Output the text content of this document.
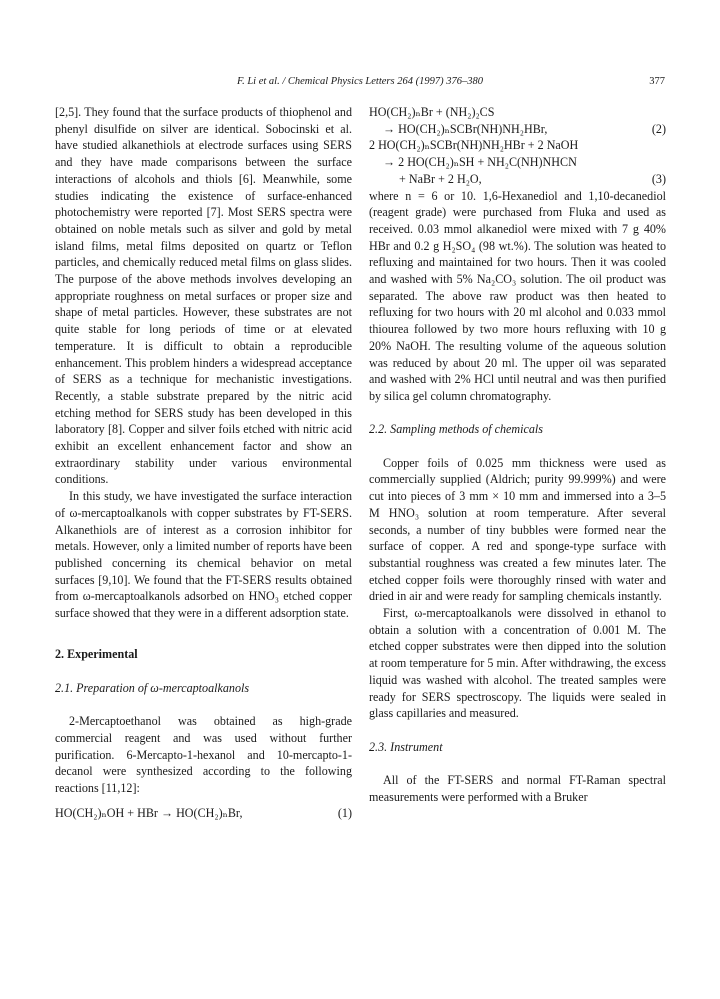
F. Li et al. / Chemical Physics Letters 264 (1997) 376–380	377

[2,5]. They found that the surface products of thiophenol and phenyl disulfide on silver are identical. Sobocinski et al. have studied alkanethiols at electrode surfaces using SERS and they have made comparisons between the surface interactions of alcohols and thiols [6]. Meanwhile, some studies indicating the existence of surface-enhanced photochemistry were reported [7]. Most SERS spectra were obtained on noble metals such as silver and gold by metal island films, metal films deposited on quartz or Teflon particles, and chemically reduced metal films on glass slides. The purpose of the above methods involves developing an appropriate roughness on metal surfaces or proper size and shape of metal particles. However, these substrates are not quite stable for long periods of time or at elevated temperature. It is difficult to obtain a reproducible enhancement. This problem hinders a widespread acceptance of SERS as a technique for mechanistic investigations. Recently, a stable substrate prepared by the nitric acid etching method for SERS study has been developed in this laboratory [8]. Copper and silver foils etched with nitric acid exhibit an excellent enhancement factor and show an extraordinary stability under various environmental conditions.

In this study, we have investigated the surface interaction of ω-mercaptoalkanols with copper substrates by FT-SERS. Alkanethiols are of interest as a corrosion inhibitor for metals. However, only a limited number of reports have been published concerning its chemical behavior on metal surfaces [9,10]. We found that the FT-SERS results obtained from ω-mercaptoalkanols adsorbed on HNO₃ etched copper surface showed that they were in a different adsorption state.

2. Experimental

2.1. Preparation of ω-mercaptoalkanols

2-Mercaptoethanol was obtained as high-grade commercial reagent and was used without further purification. 6-Mercapto-1-hexanol and 10-mercapto-1-decanol were synthesized according to the following reactions [11,12]:

HO(CH₂)ₙOH + HBr → HO(CH₂)ₙBr,	(1)

HO(CH₂)ₙBr + (NH₂)₂CS

→ HO(CH₂)ₙSCBr(NH)NH₂HBr,	(2)

2 HO(CH₂)ₙSCBr(NH)NH₂HBr + 2 NaOH

→ 2 HO(CH₂)ₙSH + NH₂C(NH)NHCN

+ NaBr + 2 H₂O,	(3)

where n = 6 or 10. 1,6-Hexanediol and 1,10-decanediol (reagent grade) were purchased from Fluka and used as received. 0.03 mmol alkanediol were mixed with 7 g 40% HBr and 0.2 g H₂SO₄ (98 wt.%). The solution was heated to refluxing and maintained for two hours. Then it was cooled and washed with 5% Na₂CO₃ solution. The oil product was separated. The above raw product was then heated to refluxing for two hours with 20 ml alcohol and 0.033 mmol thiourea followed by two more hours refluxing with 10 g 20% NaOH. The resulting volume of the aqueous solution was reduced by about 20 ml. The upper oil was separated and washed with 2% HCl until neutral and was then purified by silica gel column chromatography.

2.2. Sampling methods of chemicals

Copper foils of 0.025 mm thickness were used as commercially supplied (Aldrich; purity 99.999%) and were cut into pieces of 3 mm × 10 mm and immersed into a 3–5 M HNO₃ solution at room temperature. After several seconds, a number of tiny bubbles were formed near the surface of copper. A red and sponge-type surface with substantial roughness was created a few minutes later. The etched copper foils were thoroughly rinsed with water and dried in air and were ready for sampling chemicals instantly.

First, ω-mercaptoalkanols were dissolved in ethanol to obtain a solution with a concentration of 0.001 M. The etched copper substrates were then dipped into the solution at room temperature for 5 min. After withdrawing, the excess liquid was washed with alcohol. The treated samples were ready for SERS spectroscopy. The liquids were sealed in glass capillaries and measured.

2.3. Instrument

All of the FT-SERS and normal FT-Raman spectral measurements were performed with a Bruker
